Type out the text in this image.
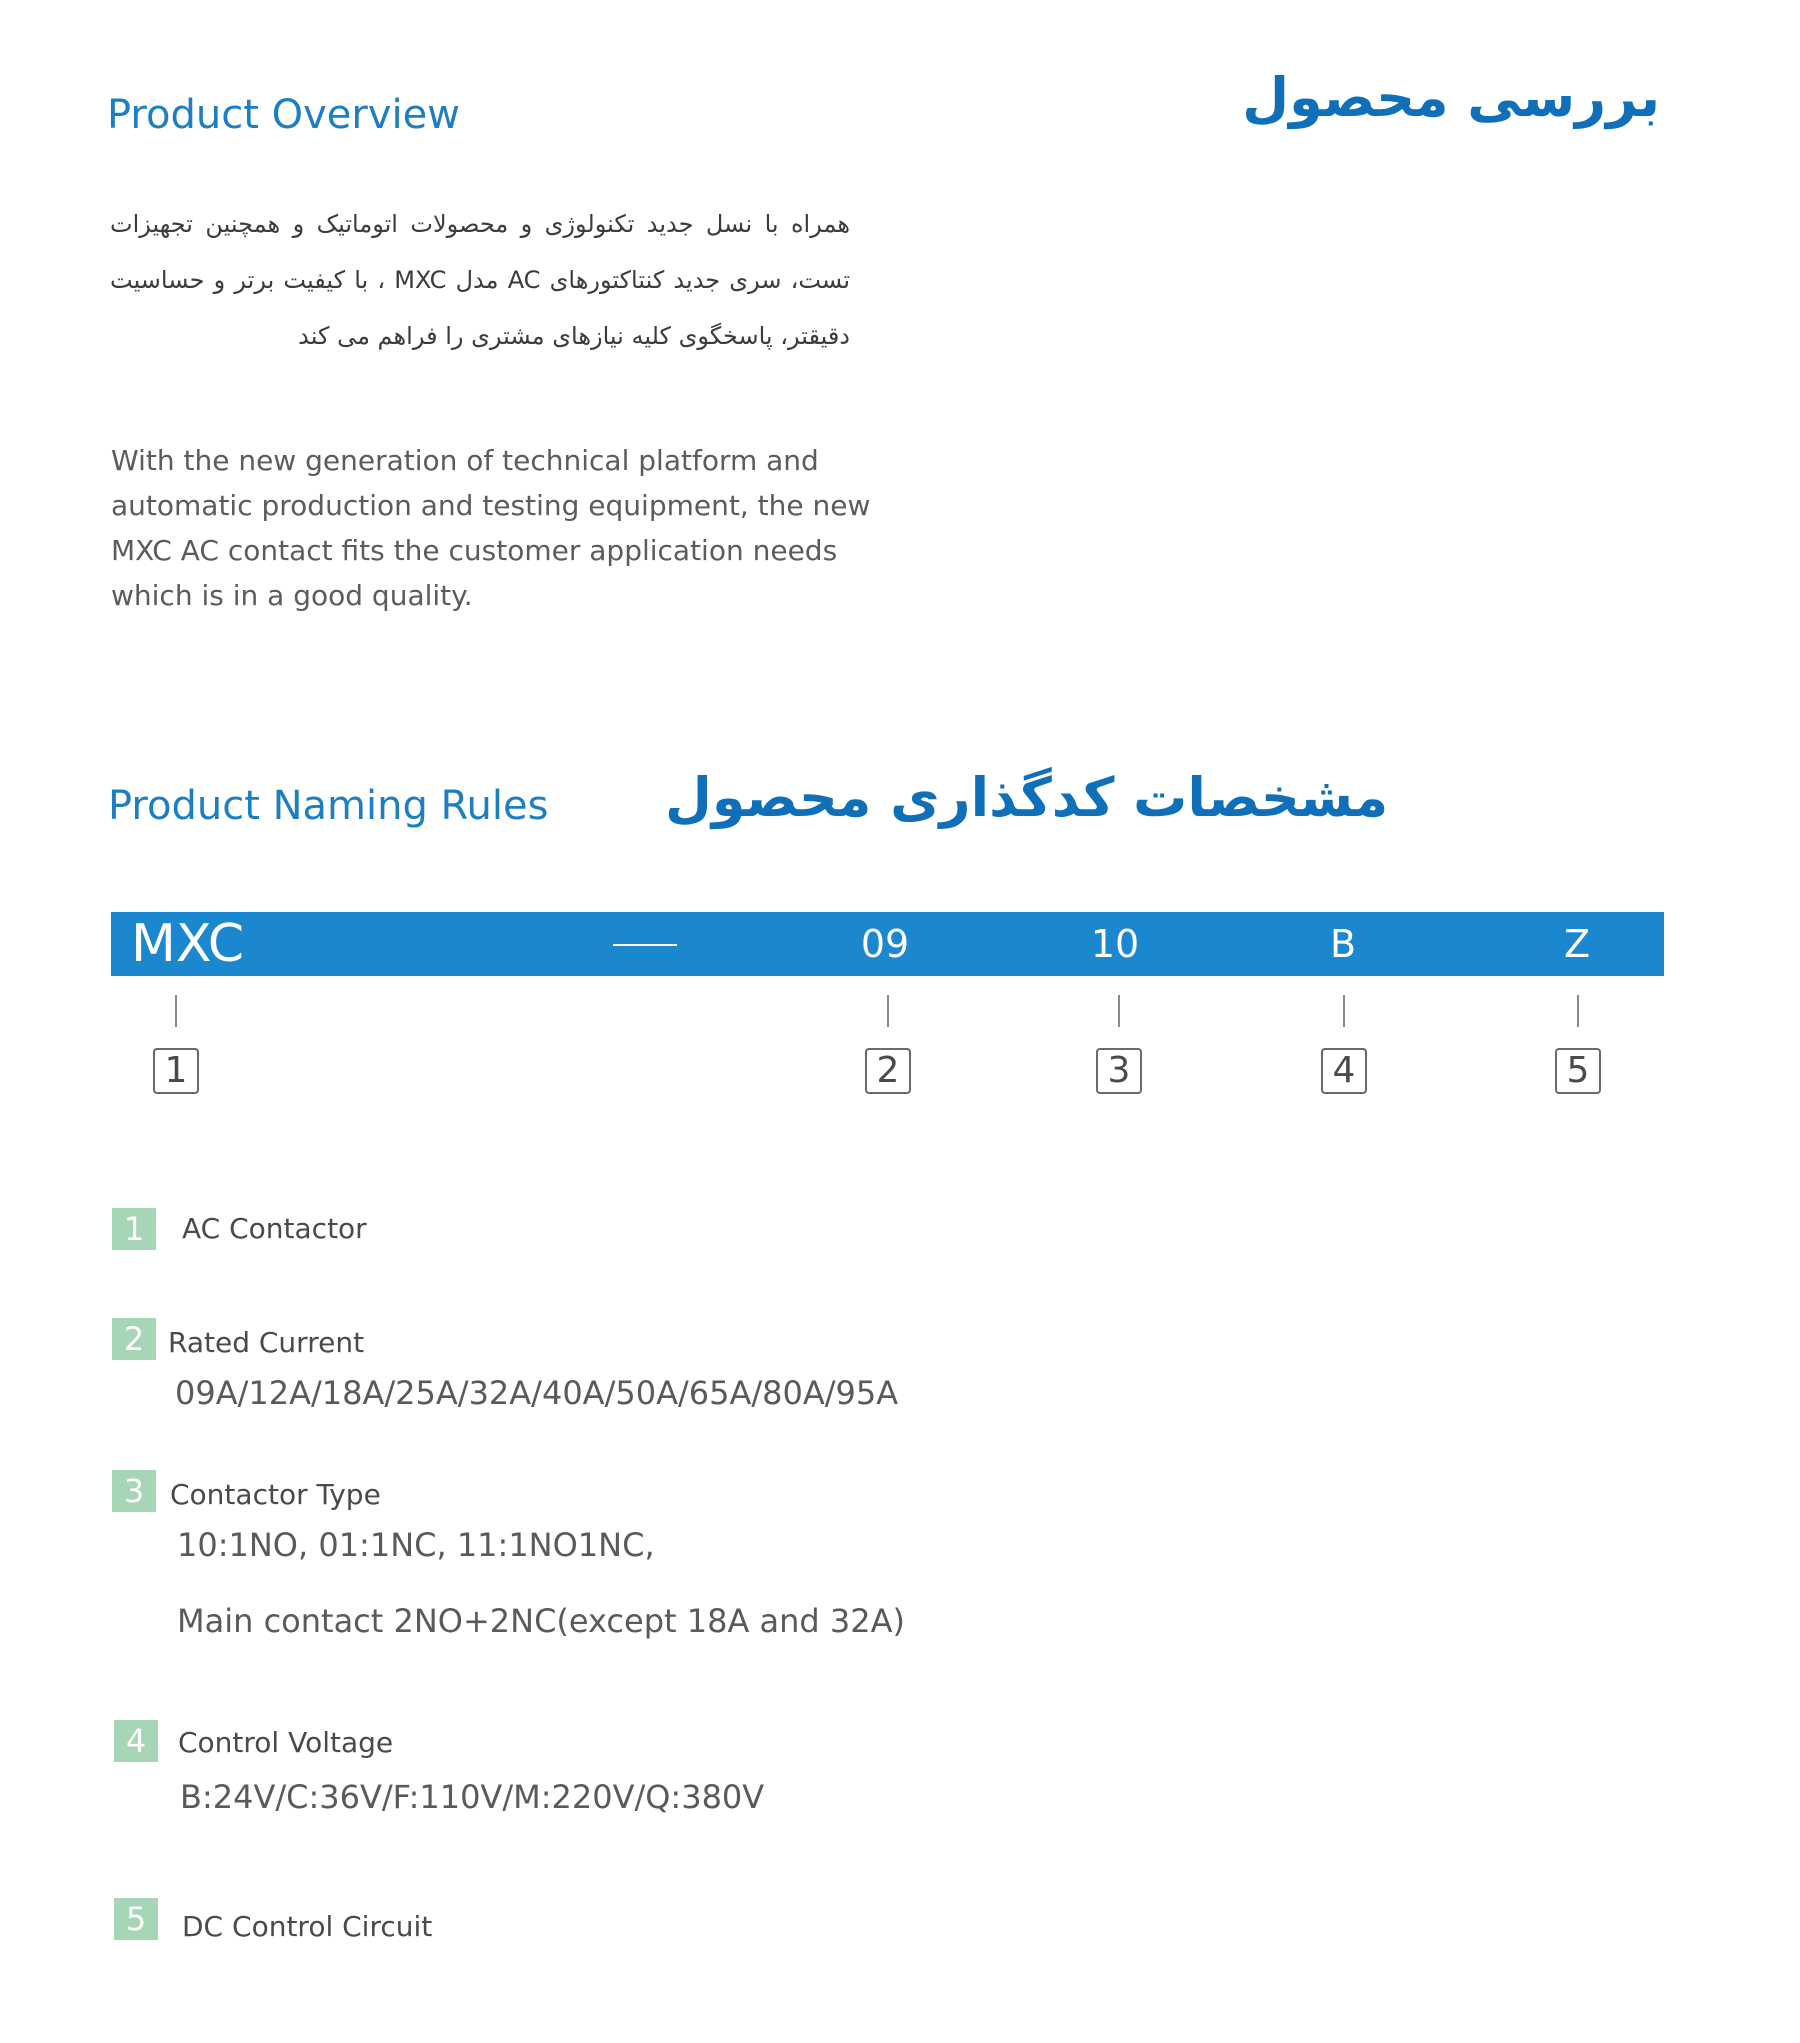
Product Overview	بررسی محصول
همراه با نسل جدید تکنولوژی و محصولات اتوماتیک و همچنین تجهیزات تست، سری جدید کنتاکتورهای AC مدل MXC ، با کیفیت برتر و حساسیت دقیقتر، پاسخگوی کلیه نیازهای مشتری را فراهم می کند
With the new generation of technical platform and automatic production and testing equipment, the new MXC AC contact fits the customer application needs which is in a good quality.
Product Naming Rules مشخصات کدگذاری محصول
MXC	09	10	B	Z
1	2	3	4	5
1	AC Contactor
2 Rated Current
09A/12A/18A/25A/32A/40A/50A/65A/80A/95A
3 Contactor Type
10:1NO, 01:1NC, 11:1NO1NC,
Main contact 2NO+2NC(except 18A and 32A)
4	Control Voltage
B:24V/C:36V/F:110V/M:220V/Q:380V
5	DC Control Circuit
